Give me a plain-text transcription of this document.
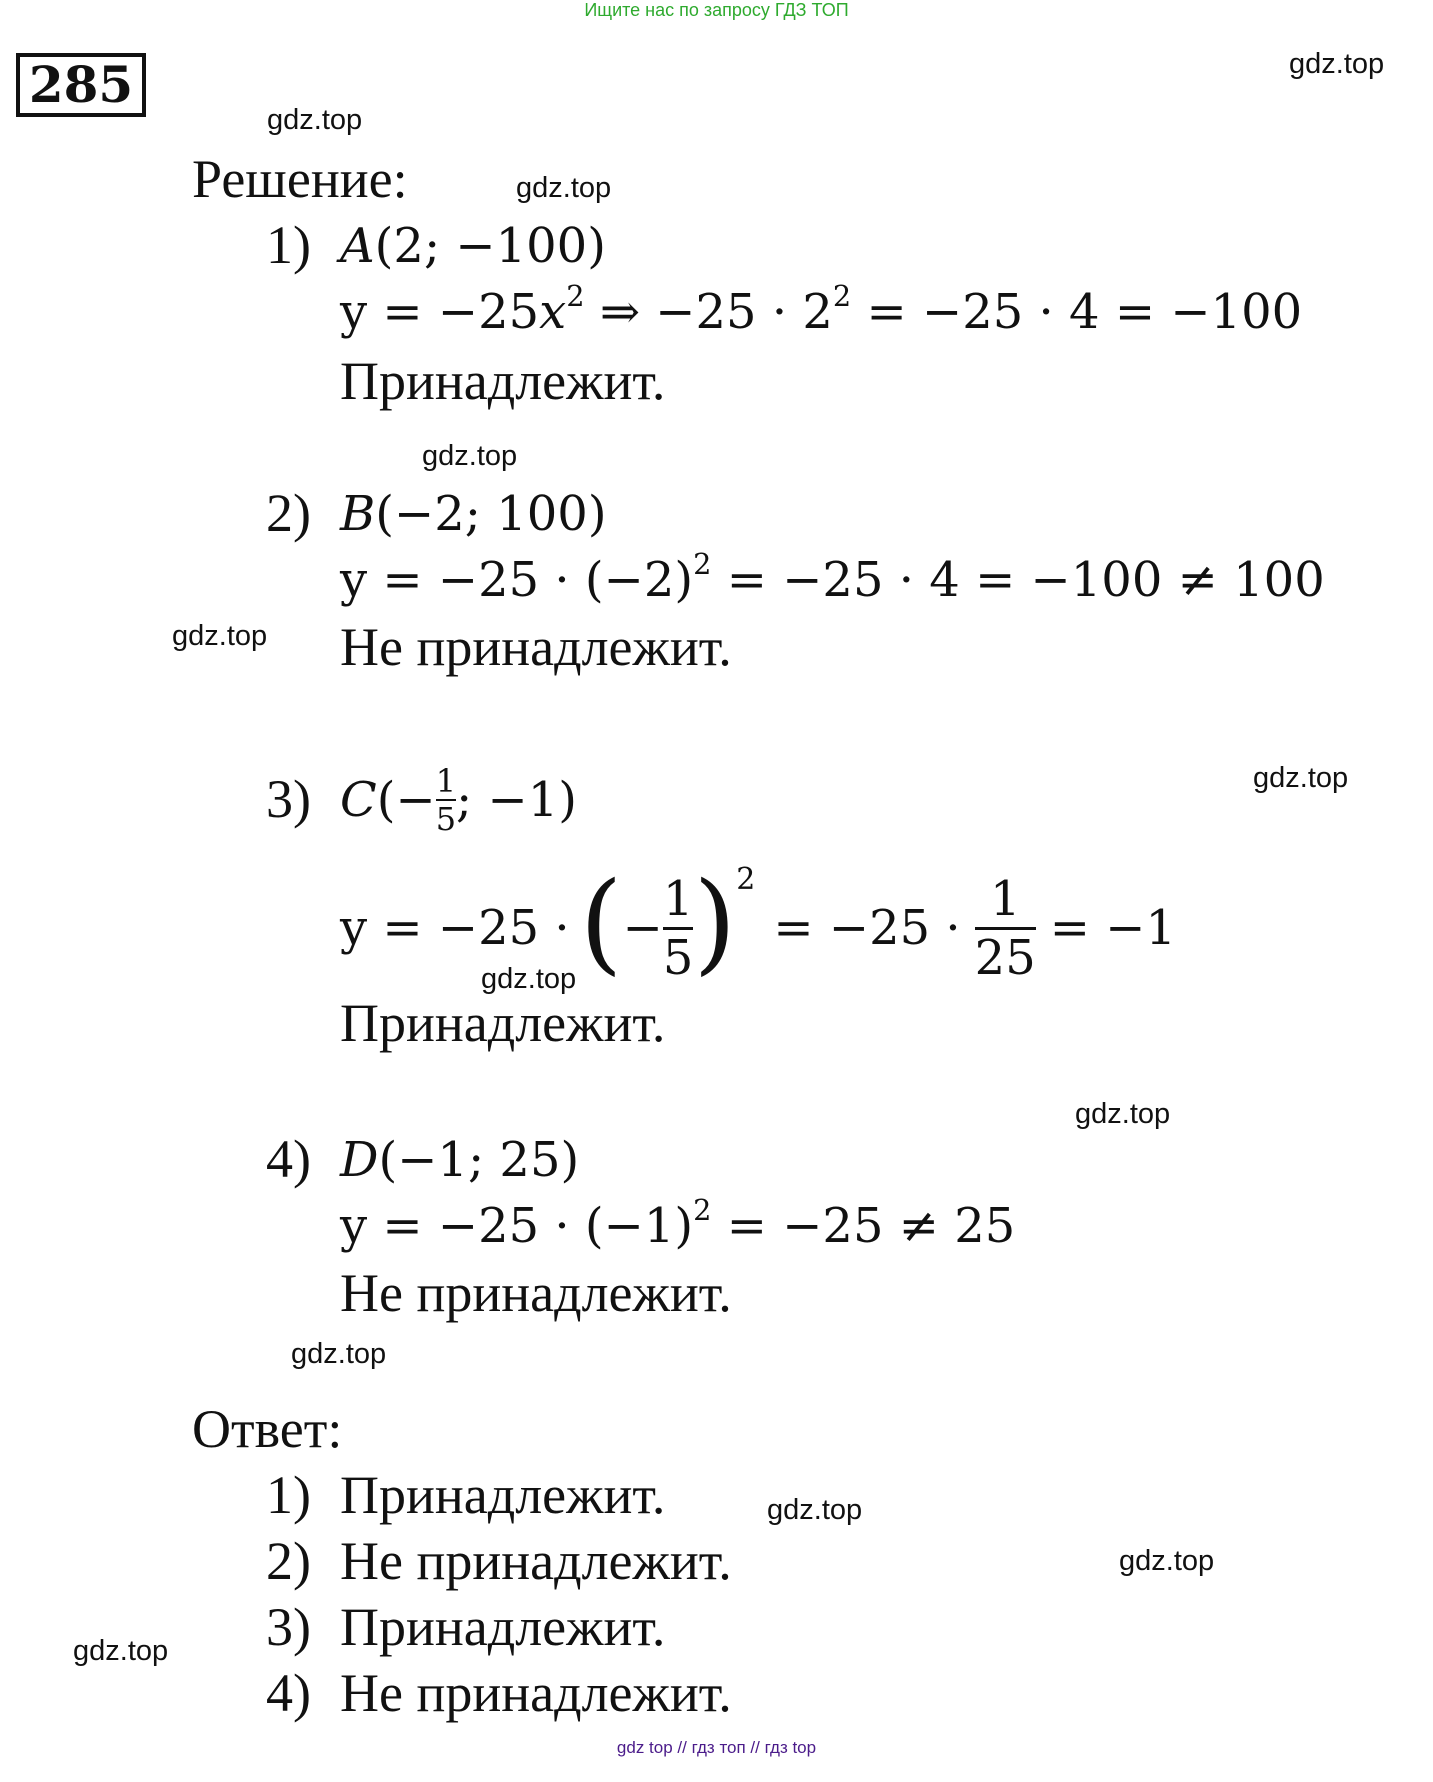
Ищите нас по запросу ГДЗ ТОП
285	gdz.top
gdz.top
gdz.top
gdz.top
gdz.top
gdz.top
gdz.top
gdz.top
gdz.top
gdz.top
gdz.top
gdz.top
Решение:
1) A(2; −100)
$y = -25x^2$ ⇒ $-25 \cdot 2^2 = -25 \cdot 4 = -100$
Принадлежит.
2) B(−2; 100)
$y = -25 \cdot (-2)^2 = -25 \cdot 4 = -100 \ne 100$
Не принадлежит.
3) C (− $\frac{1}{5}$ ; −1)
y = −25 · ( − $\frac{1}{5}$ ) 2
= $-25 \cdot \frac{1}{25} = -1$
Принадлежит.
4) D(−1; 25)
$y = -25 \cdot (-1)^2 = -25 \ne 25$
Не принадлежит.
Ответ:
1) Принадлежит.
2) Не принадлежит.
3) Принадлежит.
4) Не принадлежит.
gdz top // гдз топ // гдз top
